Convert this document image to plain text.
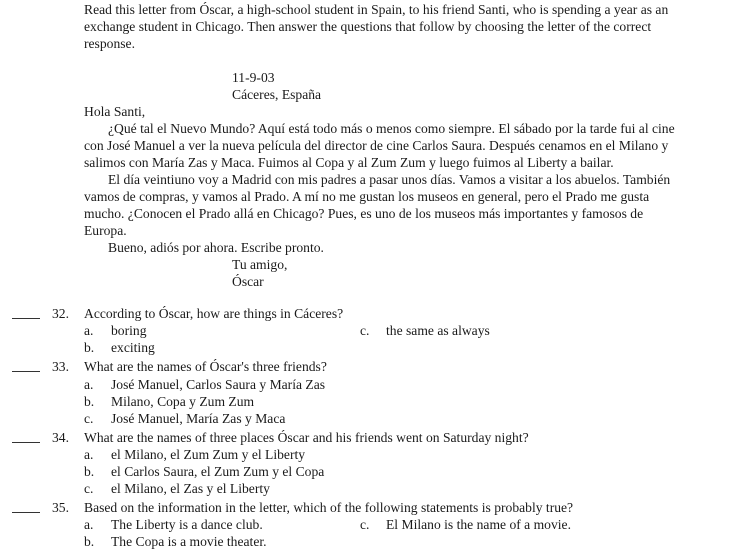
Read this letter from Óscar, a high-school student in Spain, to his friend Santi, who is spending a year as an
exchange student in Chicago. Then answer the questions that follow by choosing the letter of the correct
response.
11-9-03
Cáceres, España
Hola Santi,
¿Qué tal el Nuevo Mundo? Aquí está todo más o menos como siempre. El sábado por la tarde fui al cine
con José Manuel a ver la nueva película del director de cine Carlos Saura. Después cenamos en el Milano y
salimos con María Zas y Maca. Fuimos al Copa y al Zum Zum y luego fuimos al Liberty a bailar.
El día veintiuno voy a Madrid con mis padres a pasar unos días. Vamos a visitar a los abuelos. También
vamos de compras, y vamos al Prado. A mí no me gustan los museos en general, pero el Prado me gusta
mucho. ¿Conocen el Prado allá en Chicago? Pues, es uno de los museos más importantes y famosos de
Europa.
Bueno, adiós por ahora. Escribe pronto.
Tu amigo,
Óscar
32. According to Óscar, how are things in Cáceres?
a. boring	c. the same as always
b. exciting
33. What are the names of Óscar's three friends?
a. José Manuel, Carlos Saura y María Zas
b. Milano, Copa y Zum Zum
c. José Manuel, María Zas y Maca
34. What are the names of three places Óscar and his friends went on Saturday night?
a. el Milano, el Zum Zum y el Liberty
b. el Carlos Saura, el Zum Zum y el Copa
c. el Milano, el Zas y el Liberty
35. Based on the information in the letter, which of the following statements is probably true?
a. The Liberty is a dance club.	c. El Milano is the name of a movie.
b. The Copa is a movie theater.
